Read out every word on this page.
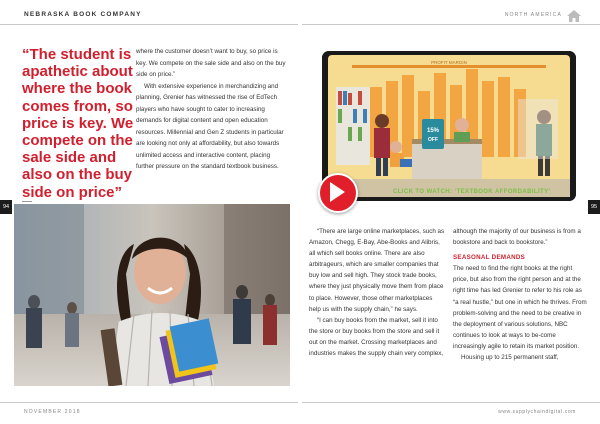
NEBRASKA BOOK COMPANY	NORTH AMERICA
“The student is apathetic about where the book comes from, so price is key. We compete on the sale side and also on the buy side on price”

where the customer doesn’t want to buy, so price is key. We compete on the sale side and also on the buy side on price.”

With extensive experience in merchandizing and planning, Grenier has witnessed the rise of EdTech players who have sought to cater to increasing demands for digital content and open education resources. Millennial and Gen Z students in particular are looking not only at affordability, but also towards unlimited access and interactive content, placing further pressure on the standard textbook business.

94	95
PROFIT MARGIN
15%
OFF
CLICK TO WATCH: ‘TEXTBOOK AFFORDABILITY’

“There are large online marketplaces, such as Amazon, Chegg, E-Bay, Abe-Books and Alibris, all which sell books online. There are also arbitrageurs, which are smaller companies that buy low and sell high. They stock trade books, where they just physically move them from place to place. However, those other marketplaces help us with the supply chain,” he says.

“I can buy books from the market, sell it into the store or buy books from the store and sell it out on the market. Crossing marketplaces and industries makes the supply chain very complex,

although the majority of our business is from a bookstore and back to bookstore.”

SEASONAL DEMANDS

The need to find the right books at the right price, but also from the right person and at the right time has led Grenier to refer to his role as “a real hustle,” but one in which he thrives. From problem-solving and the need to be creative in the deployment of various solutions, NBC continues to look at ways to be-come increasingly agile to retain its market position.

Housing up to 215 permanent staff,

NOVEMBER 2018	www.supplychaindigital.com
